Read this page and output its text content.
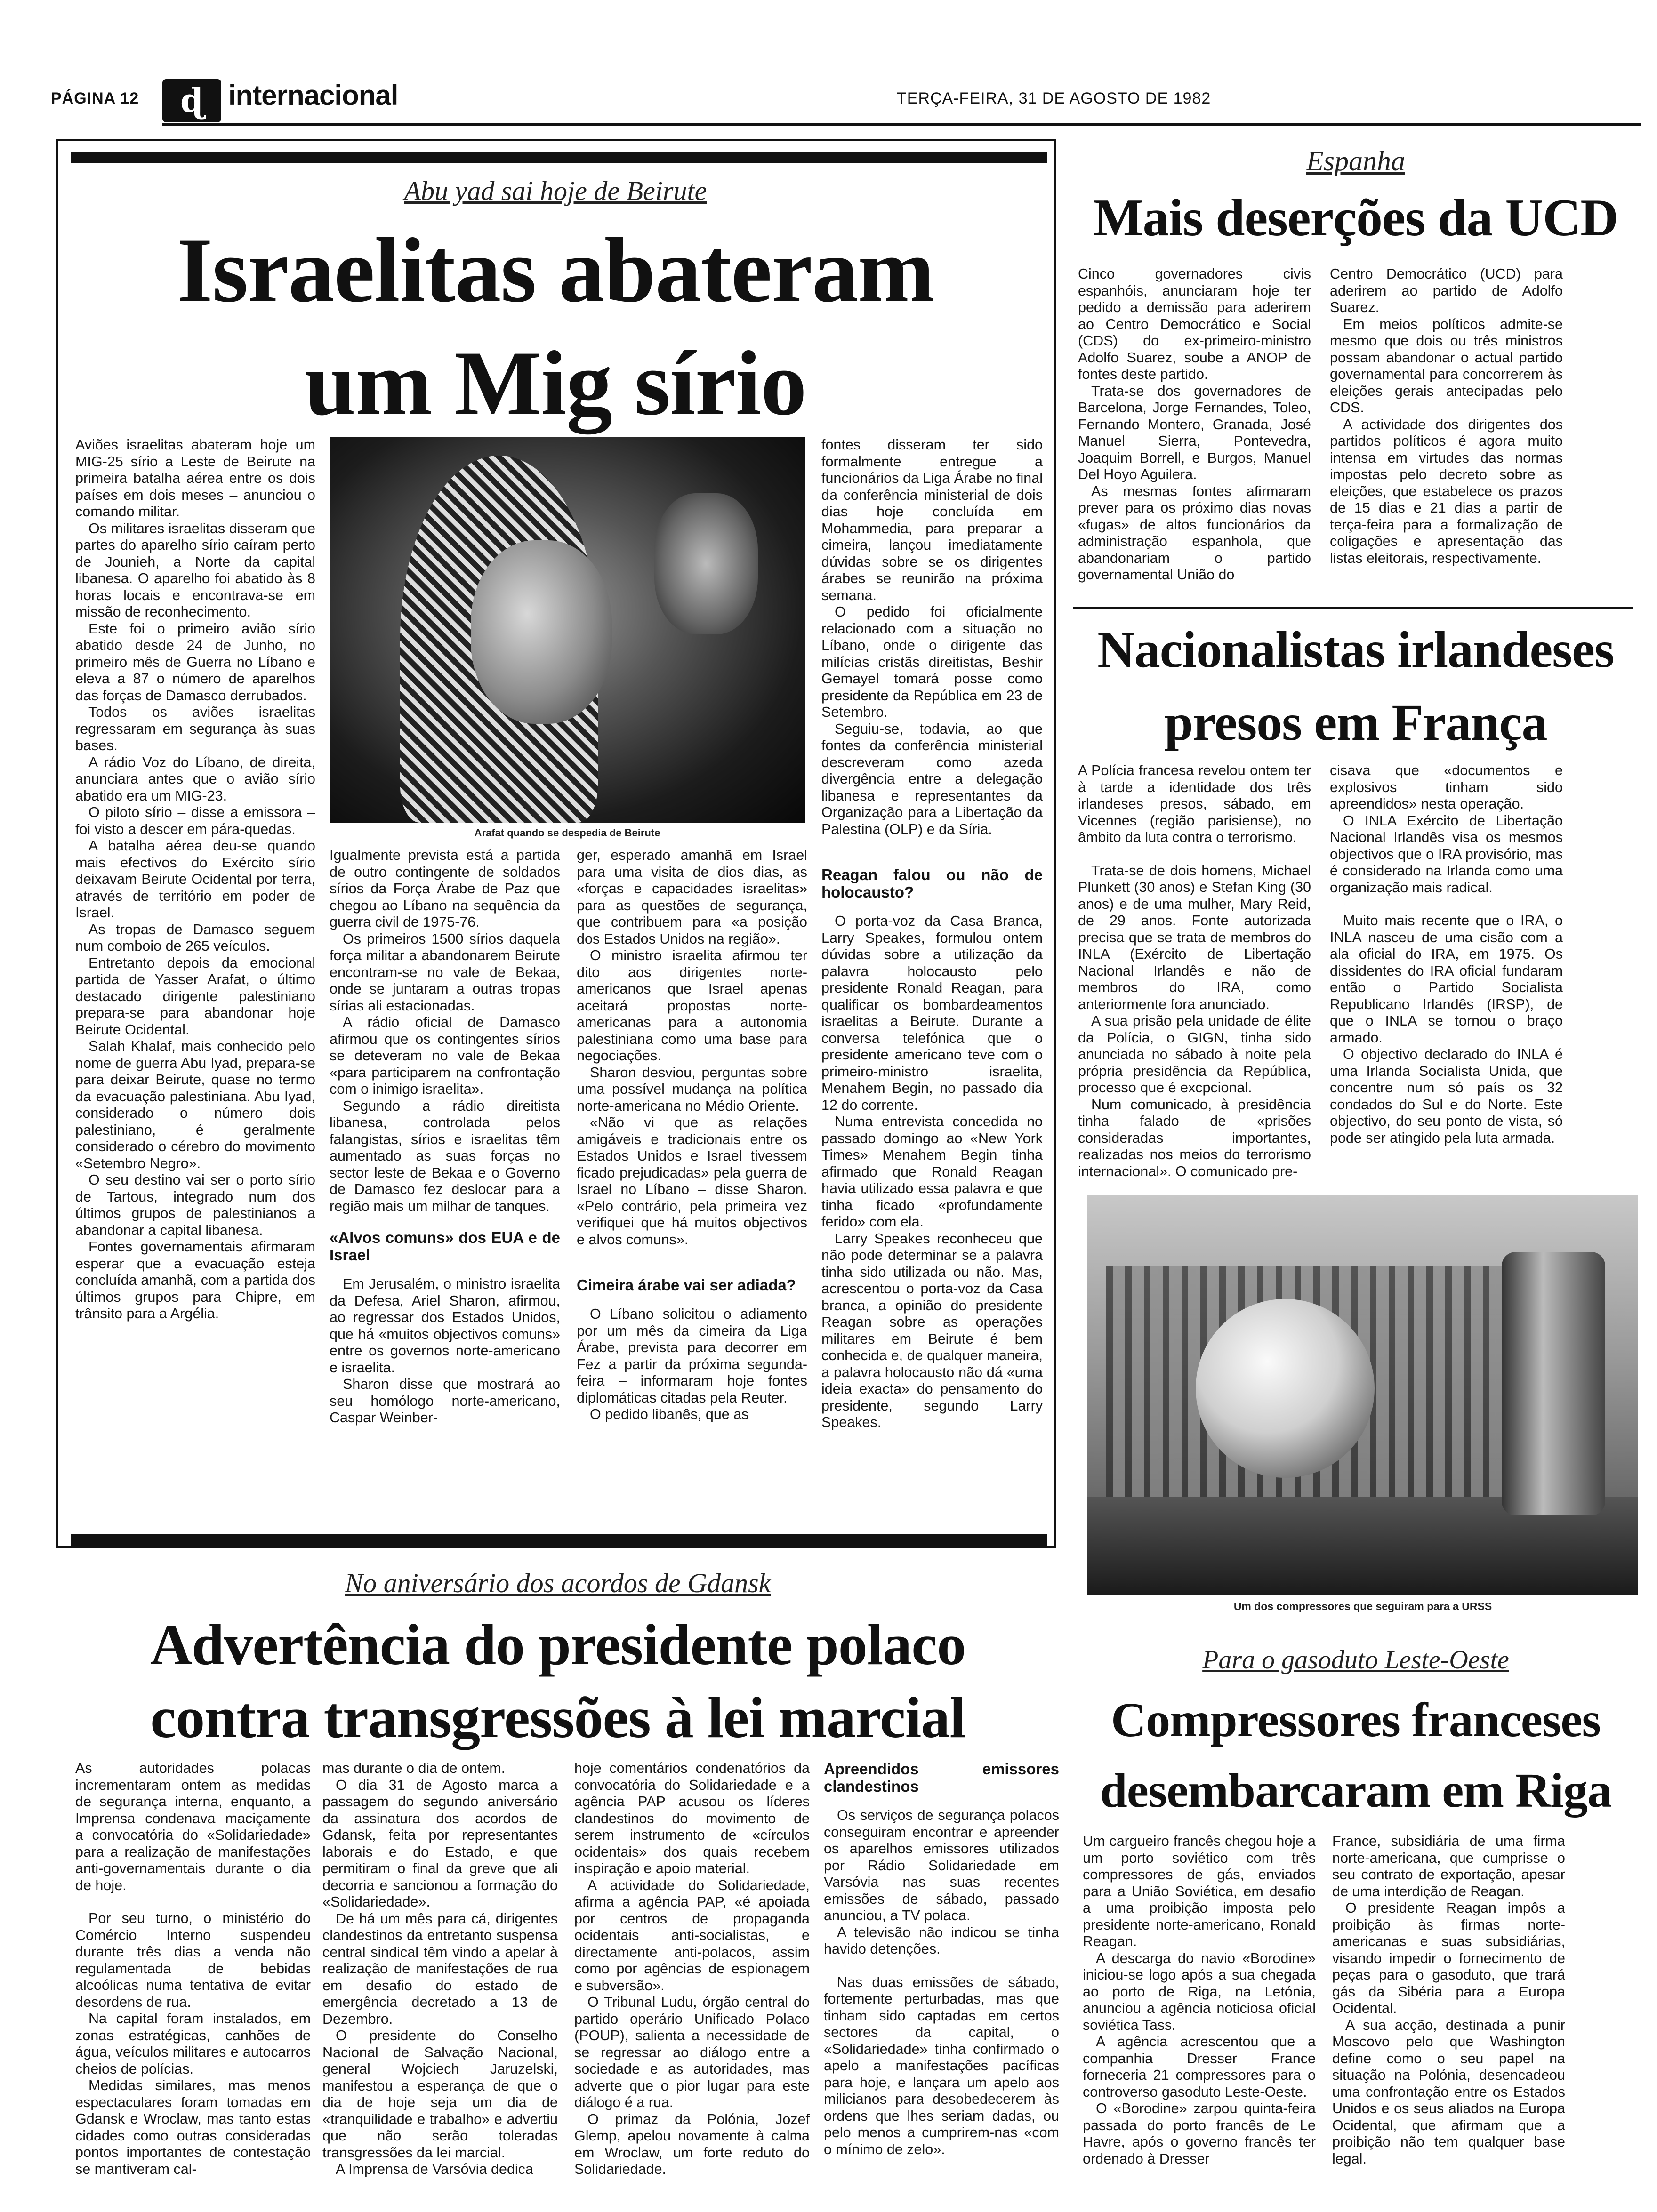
PÁGINA 12	ɖ internacional	TERÇA-FEIRA, 31 DE AGOSTO DE 1982
Abu yad sai hoje de Beirute
Israelitas abateram
um Mig sírio

Aviões israelitas abateram hoje um MIG-25 sírio a Leste de Beirute na primeira batalha aérea entre os dois países em dois meses – anunciou o comando militar.

Os militares israelitas disseram que partes do aparelho sírio caíram perto de Jounieh, a Norte da capital libanesa. O aparelho foi abatido às 8 horas locais e encontrava-se em missão de reconhecimento.

Este foi o primeiro avião sírio abatido desde 24 de Junho, no primeiro mês de Guerra no Líbano e eleva a 87 o número de aparelhos das forças de Damasco derrubados.

Todos os aviões israelitas regressaram em segurança às suas bases.

A rádio Voz do Líbano, de direita, anunciara antes que o avião sírio abatido era um MIG-23.

O piloto sírio – disse a emissora – foi visto a descer em pára-quedas.

A batalha aérea deu-se quando mais efectivos do Exército sírio deixavam Beirute Ocidental por terra, através de território em poder de Israel.

As tropas de Damasco seguem num comboio de 265 veículos.

Entretanto depois da emocional partida de Yasser Arafat, o último destacado dirigente palestiniano prepara-se para abandonar hoje Beirute Ocidental.

Salah Khalaf, mais conhecido pelo nome de guerra Abu Iyad, prepara-se para deixar Beirute, quase no termo da evacuação palestiniana. Abu Iyad, considerado o número dois palestiniano, é geralmente considerado o cérebro do movimento «Setembro Negro».

O seu destino vai ser o porto sírio de Tartous, integrado num dos últimos grupos de palestinianos a abandonar a capital libanesa.

Fontes governamentais afirmaram esperar que a evacuação esteja concluída amanhã, com a partida dos últimos grupos para Chipre, em trânsito para a Argélia.

Arafat quando se despedia de Beirute

Igualmente prevista está a partida de outro contingente de soldados sírios da Força Árabe de Paz que chegou ao Líbano na sequência da guerra civil de 1975-76.

Os primeiros 1500 sírios daquela força militar a abandonarem Beirute encontram-se no vale de Bekaa, onde se juntaram a outras tropas sírias ali estacionadas.

A rádio oficial de Damasco afirmou que os contingentes sírios se deteveram no vale de Bekaa «para participarem na confrontação com o inimigo israelita».

Segundo a rádio direitista libanesa, controlada pelos falangistas, sírios e israelitas têm aumentado as suas forças no sector leste de Bekaa e o Governo de Damasco fez deslocar para a região mais um milhar de tanques.

«Alvos comuns» dos EUA e de Israel

Em Jerusalém, o ministro israelita da Defesa, Ariel Sharon, afirmou, ao regressar dos Estados Unidos, que há «muitos objectivos comuns» entre os governos norte-americano e israelita.

Sharon disse que mostrará ao seu homólogo norte-americano, Caspar Weinber-

ger, esperado amanhã em Israel para uma visita de dios dias, as «forças e capacidades israelitas» para as questões de segurança, que contribuem para «a posição dos Estados Unidos na região».

O ministro israelita afirmou ter dito aos dirigentes norte-americanos que Israel apenas aceitará propostas norte-americanas para a autonomia palestiniana como uma base para negociações.

Sharon desviou, perguntas sobre uma possível mudança na política norte-americana no Médio Oriente.

«Não vi que as relações amigáveis e tradicionais entre os Estados Unidos e Israel tivessem ficado prejudicadas» pela guerra de Israel no Líbano – disse Sharon. «Pelo contrário, pela primeira vez verifiquei que há muitos objectivos e alvos comuns».

Cimeira árabe vai ser adiada?

O Líbano solicitou o adiamento por um mês da cimeira da Liga Árabe, prevista para decorrer em Fez a partir da próxima segunda-feira – informaram hoje fontes diplomáticas citadas pela Reuter.

O pedido libanês, que as

fontes disseram ter sido formalmente entregue a funcionários da Liga Árabe no final da conferência ministerial de dois dias hoje concluída em Mohammedia, para preparar a cimeira, lançou imediatamente dúvidas sobre se os dirigentes árabes se reunirão na próxima semana.

O pedido foi oficialmente relacionado com a situação no Líbano, onde o dirigente das milícias cristãs direitistas, Beshir Gemayel tomará posse como presidente da República em 23 de Setembro.

Seguiu-se, todavia, ao que fontes da conferência ministerial descreveram como azeda divergência entre a delegação libanesa e representantes da Organização para a Libertação da Palestina (OLP) e da Síria.

Reagan falou ou não de holocausto?

O porta-voz da Casa Branca, Larry Speakes, formulou ontem dúvidas sobre a utilização da palavra holocausto pelo presidente Ronald Reagan, para qualificar os bombardeamentos israelitas a Beirute. Durante a conversa telefónica que o presidente americano teve com o primeiro-ministro israelita, Menahem Begin, no passado dia 12 do corrente.

Numa entrevista concedida no passado domingo ao «New York Times» Menahem Begin tinha afirmado que Ronald Reagan havia utilizado essa palavra e que tinha ficado «profundamente ferido» com ela.

Larry Speakes reconheceu que não pode determinar se a palavra tinha sido utilizada ou não. Mas, acrescentou o porta-voz da Casa branca, a opinião do presidente Reagan sobre as operações militares em Beirute é bem conhecida e, de qualquer maneira, a palavra holocausto não dá «uma ideia exacta» do pensamento do presidente, segundo Larry Speakes.

Espanha
Mais deserções da UCD

Cinco governadores civis espanhóis, anunciaram hoje ter pedido a demissão para aderirem ao Centro Democrático e Social (CDS) do ex-primeiro-ministro Adolfo Suarez, soube a ANOP de fontes deste partido.

Trata-se dos governadores de Barcelona, Jorge Fernandes, Toleo, Fernando Montero, Granada, José Manuel Sierra, Pontevedra, Joaquim Borrell, e Burgos, Manuel Del Hoyo Aguilera.

As mesmas fontes afirmaram prever para os próximo dias novas «fugas» de altos funcionários da administração espanhola, que abandonariam o partido governamental União do

Centro Democrático (UCD) para aderirem ao partido de Adolfo Suarez.

Em meios políticos admite-se mesmo que dois ou três ministros possam abandonar o actual partido governamental para concorrerem às eleições gerais antecipadas pelo CDS.

A actividade dos dirigentes dos partidos políticos é agora muito intensa em virtudes das normas impostas pelo decreto sobre as eleições, que estabelece os prazos de 15 dias e 21 dias a partir de terça-feira para a formalização de coligações e apresentação das listas eleitorais, respectivamente.

Nacionalistas irlandeses
presos em França

A Polícia francesa revelou ontem ter à tarde a identidade dos três irlandeses presos, sábado, em Vicennes (região parisiense), no âmbito da luta contra o terrorismo.

Trata-se de dois homens, Michael Plunkett (30 anos) e Stefan King (30 anos) e de uma mulher, Mary Reid, de 29 anos. Fonte autorizada precisa que se trata de membros do INLA (Exército de Libertação Nacional Irlandês e não de membros do IRA, como anteriormente fora anunciado.

A sua prisão pela unidade de élite da Polícia, o GIGN, tinha sido anunciada no sábado à noite pela própria presidência da República, processo que é excpcional.

Num comunicado, à presidência tinha falado de «prisões consideradas importantes, realizadas nos meios do terrorismo internacional». O comunicado pre-

cisava que «documentos e explosivos tinham sido apreendidos» nesta operação.

O INLA Exército de Libertação Nacional Irlandês visa os mesmos objectivos que o IRA provisório, mas é considerado na Irlanda como uma organização mais radical.

Muito mais recente que o IRA, o INLA nasceu de uma cisão com a ala oficial do IRA, em 1975. Os dissidentes do IRA oficial fundaram então o Partido Socialista Republicano Irlandês (IRSP), de que o INLA se tornou o braço armado.

O objectivo declarado do INLA é uma Irlanda Socialista Unida, que concentre num só país os 32 condados do Sul e do Norte. Este objectivo, do seu ponto de vista, só pode ser atingido pela luta armada.

Um dos compressores que seguiram para a URSS
Para o gasoduto Leste-Oeste
Compressores franceses
desembarcaram em Riga

Um cargueiro francês chegou hoje a um porto soviético com três compressores de gás, enviados para a União Soviética, em desafio a uma proibição imposta pelo presidente norte-americano, Ronald Reagan.

A descarga do navio «Borodine» iniciou-se logo após a sua chegada ao porto de Riga, na Letónia, anunciou a agência noticiosa oficial soviética Tass.

A agência acrescentou que a companhia Dresser France forneceria 21 compressores para o controverso gasoduto Leste-Oeste.

O «Borodine» zarpou quinta-feira passada do porto francês de Le Havre, após o governo francês ter ordenado à Dresser

France, subsidiária de uma firma norte-americana, que cumprisse o seu contrato de exportação, apesar de uma interdição de Reagan.

O presidente Reagan impôs a proibição às firmas norte-americanas e suas subsidiárias, visando impedir o fornecimento de peças para o gasoduto, que trará gás da Sibéria para a Europa Ocidental.

A sua acção, destinada a punir Moscovo pelo que Washington define como o seu papel na situação na Polónia, desencadeou uma confrontação entre os Estados Unidos e os seus aliados na Europa Ocidental, que afirmam que a proibição não tem qualquer base legal.

No aniversário dos acordos de Gdansk
Advertência do presidente polaco
contra transgressões à lei marcial

As autoridades polacas incrementaram ontem as medidas de segurança interna, enquanto, a Imprensa condenava maciçamente a convocatória do «Solidariedade» para a realização de manifestações anti-governamentais durante o dia de hoje.

Por seu turno, o ministério do Comércio Interno suspendeu durante três dias a venda não regulamentada de bebidas alcoólicas numa tentativa de evitar desordens de rua.

Na capital foram instalados, em zonas estratégicas, canhões de água, veículos militares e autocarros cheios de polícias.

Medidas similares, mas menos espectaculares foram tomadas em Gdansk e Wroclaw, mas tanto estas cidades como outras consideradas pontos importantes de contestação se mantiveram cal-

mas durante o dia de ontem.

O dia 31 de Agosto marca a passagem do segundo aniversário da assinatura dos acordos de Gdansk, feita por representantes laborais e do Estado, e que permitiram o final da greve que ali decorria e sancionou a formação do «Solidariedade».

De há um mês para cá, dirigentes clandestinos da entretanto suspensa central sindical têm vindo a apelar à realização de manifestações de rua em desafio do estado de emergência decretado a 13 de Dezembro.

O presidente do Conselho Nacional de Salvação Nacional, general Wojciech Jaruzelski, manifestou a esperança de que o dia de hoje seja um dia de «tranquilidade e trabalho» e advertiu que não serão toleradas transgressões da lei marcial.

A Imprensa de Varsóvia dedica

hoje comentários condenatórios da convocatória do Solidariedade e a agência PAP acusou os líderes clandestinos do movimento de serem instrumento de «círculos ocidentais» dos quais recebem inspiração e apoio material.

A actividade do Solidariedade, afirma a agência PAP, «é apoiada por centros de propaganda ocidentais anti-socialistas, e directamente anti-polacos, assim como por agências de espionagem e subversão».

O Tribunal Ludu, órgão central do partido operário Unificado Polaco (POUP), salienta a necessidade de se regressar ao diálogo entre a sociedade e as autoridades, mas adverte que o pior lugar para este diálogo é a rua.

O primaz da Polónia, Jozef Glemp, apelou novamente à calma em Wroclaw, um forte reduto do Solidariedade.

Apreendidos emissores clandestinos

Os serviços de segurança polacos conseguiram encontrar e apreender os aparelhos emissores utilizados por Rádio Solidariedade em Varsóvia nas suas recentes emissões de sábado, passado anunciou, a TV polaca.

A televisão não indicou se tinha havido detenções.

Nas duas emissões de sábado, fortemente perturbadas, mas que tinham sido captadas em certos sectores da capital, o «Solidariedade» tinha confirmado o apelo a manifestações pacíficas para hoje, e lançara um apelo aos milicianos para desobedecerem às ordens que lhes seriam dadas, ou pelo menos a cumprirem-nas «com o mínimo de zelo».
